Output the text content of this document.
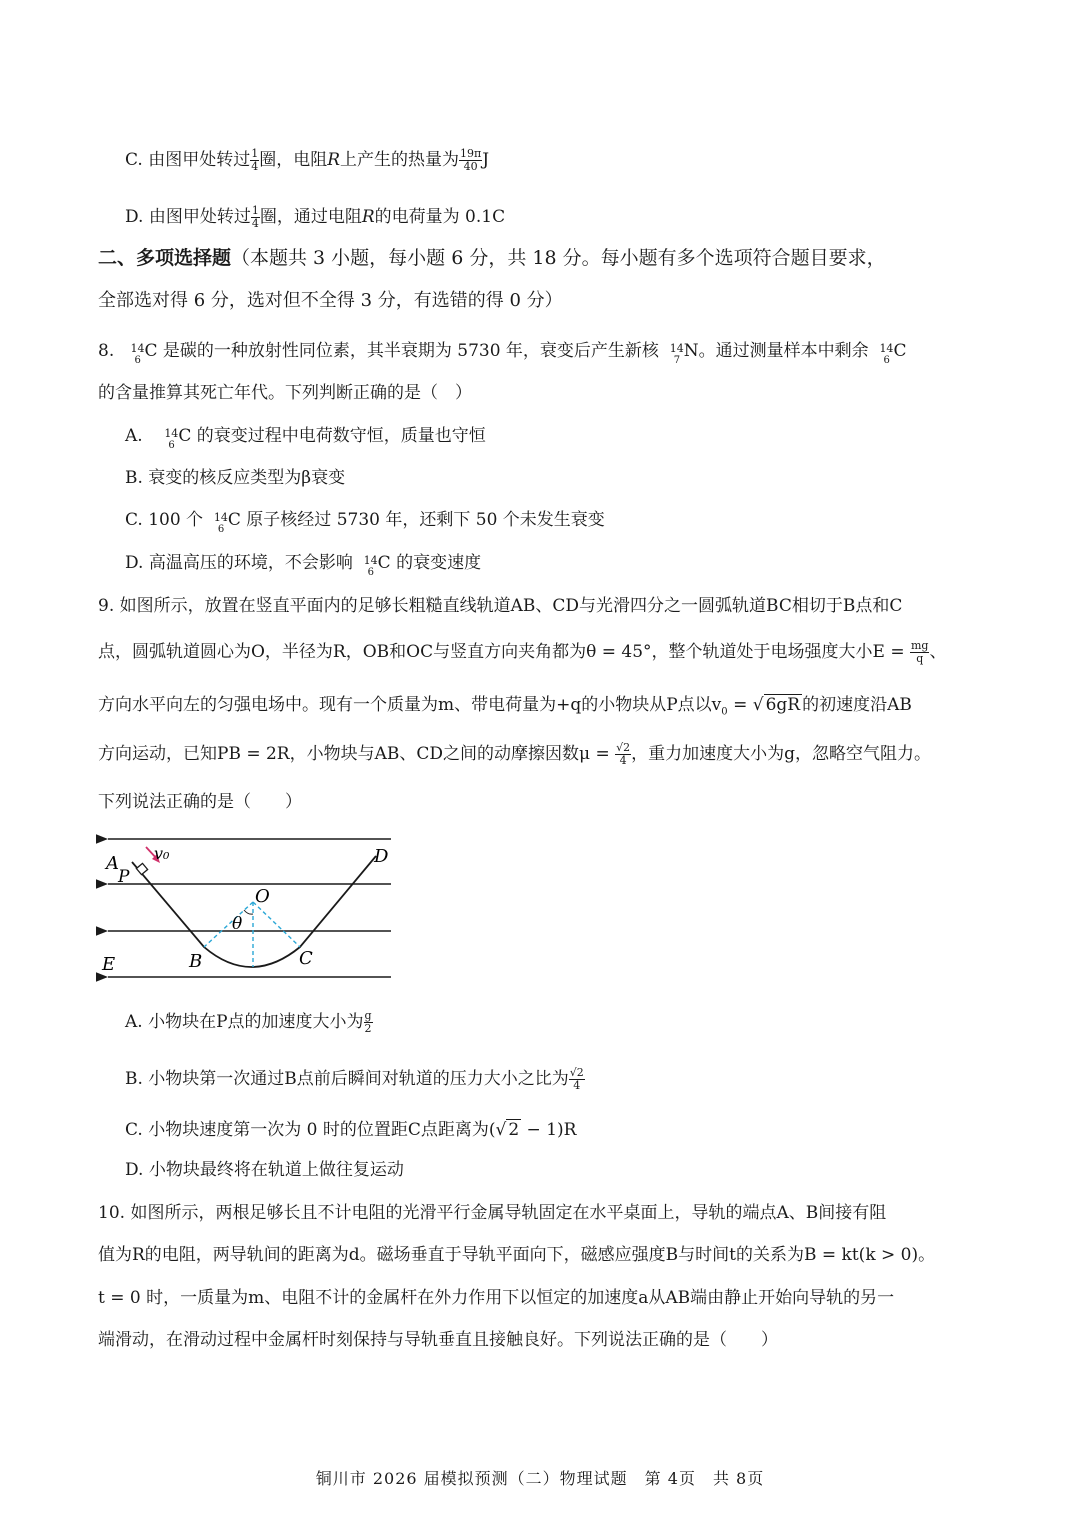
C. 由图甲处转过 $\frac{1}{4}$ 圈，电阻R上产生的热量为 $\frac{19\pi}{40}$ J
D. 由图甲处转过 $\frac{1}{4}$ 圈，通过电阻R的电荷量为 0.1C
二、多项选择题（本题共 3 小题，每小题 6 分，共 18 分。每小题有多个选项符合题目要求，
全部选对得 6 分，选对但不全得 3 分，有选错的得 0 分）
8. 14
6 C 是碳的一种放射性同位素，其半衰期为 5730 年，衰变后产生新核 14
7 N。通过测量样本中剩余 14
6 C
的含量推算其死亡年代。下列判断正确的是（　）
A. 14
6 C 的衰变过程中电荷数守恒，质量也守恒
B. 衰变的核反应类型为β衰变
C. 100 个 14
6 C 原子核经过 5730 年，还剩下 50 个未发生衰变
D. 高温高压的环境，不会影响 14
6 C 的衰变速度
9. 如图所示，放置在竖直平面内的足够长粗糙直线轨道AB、CD与光滑四分之一圆弧轨道BC相切于B点和C
点，圆弧轨道圆心为O，半径为R，OB和OC与竖直方向夹角都为θ = 45°，整个轨道处于电场强度大小$E = \frac{mg}{q}$ 、
方向水平向左的匀强电场中。现有一个质量为m、带电荷量为+q的小物块从P点以$v_0$ = √ 6gR 的初速度沿AB
方向运动，已知PB = 2R，小物块与AB、CD之间的动摩擦因数$\mu = \frac{√2}{4}$ ，重力加速度大小为g，忽略空气阻力。
下列说法正确的是（　　）
A
P
v₀	D
O
θ
B	C
E
A. 小物块在P点的加速度大小为 $\frac{g}{2}$
B. 小物块第一次通过B点前后瞬间对轨道的压力大小之比为 $\frac{√2}{4}$
C. 小物块速度第一次为 0 时的位置距C点距离为(√ 2 − 1)R
D. 小物块最终将在轨道上做往复运动
10. 如图所示，两根足够长且不计电阻的光滑平行金属导轨固定在水平桌面上，导轨的端点A、B间接有阻
值为R的电阻，两导轨间的距离为d。磁场垂直于导轨平面向下，磁感应强度B与时间t的关系为B = kt(k > 0)。
t = 0 时，一质量为m、电阻不计的金属杆在外力作用下以恒定的加速度a从AB端由静止开始向导轨的另一
端滑动，在滑动过程中金属杆时刻保持与导轨垂直且接触良好。下列说法正确的是（　　）
铜川市 2026 届模拟预测（二）物理试题　第 4页　共 8页
